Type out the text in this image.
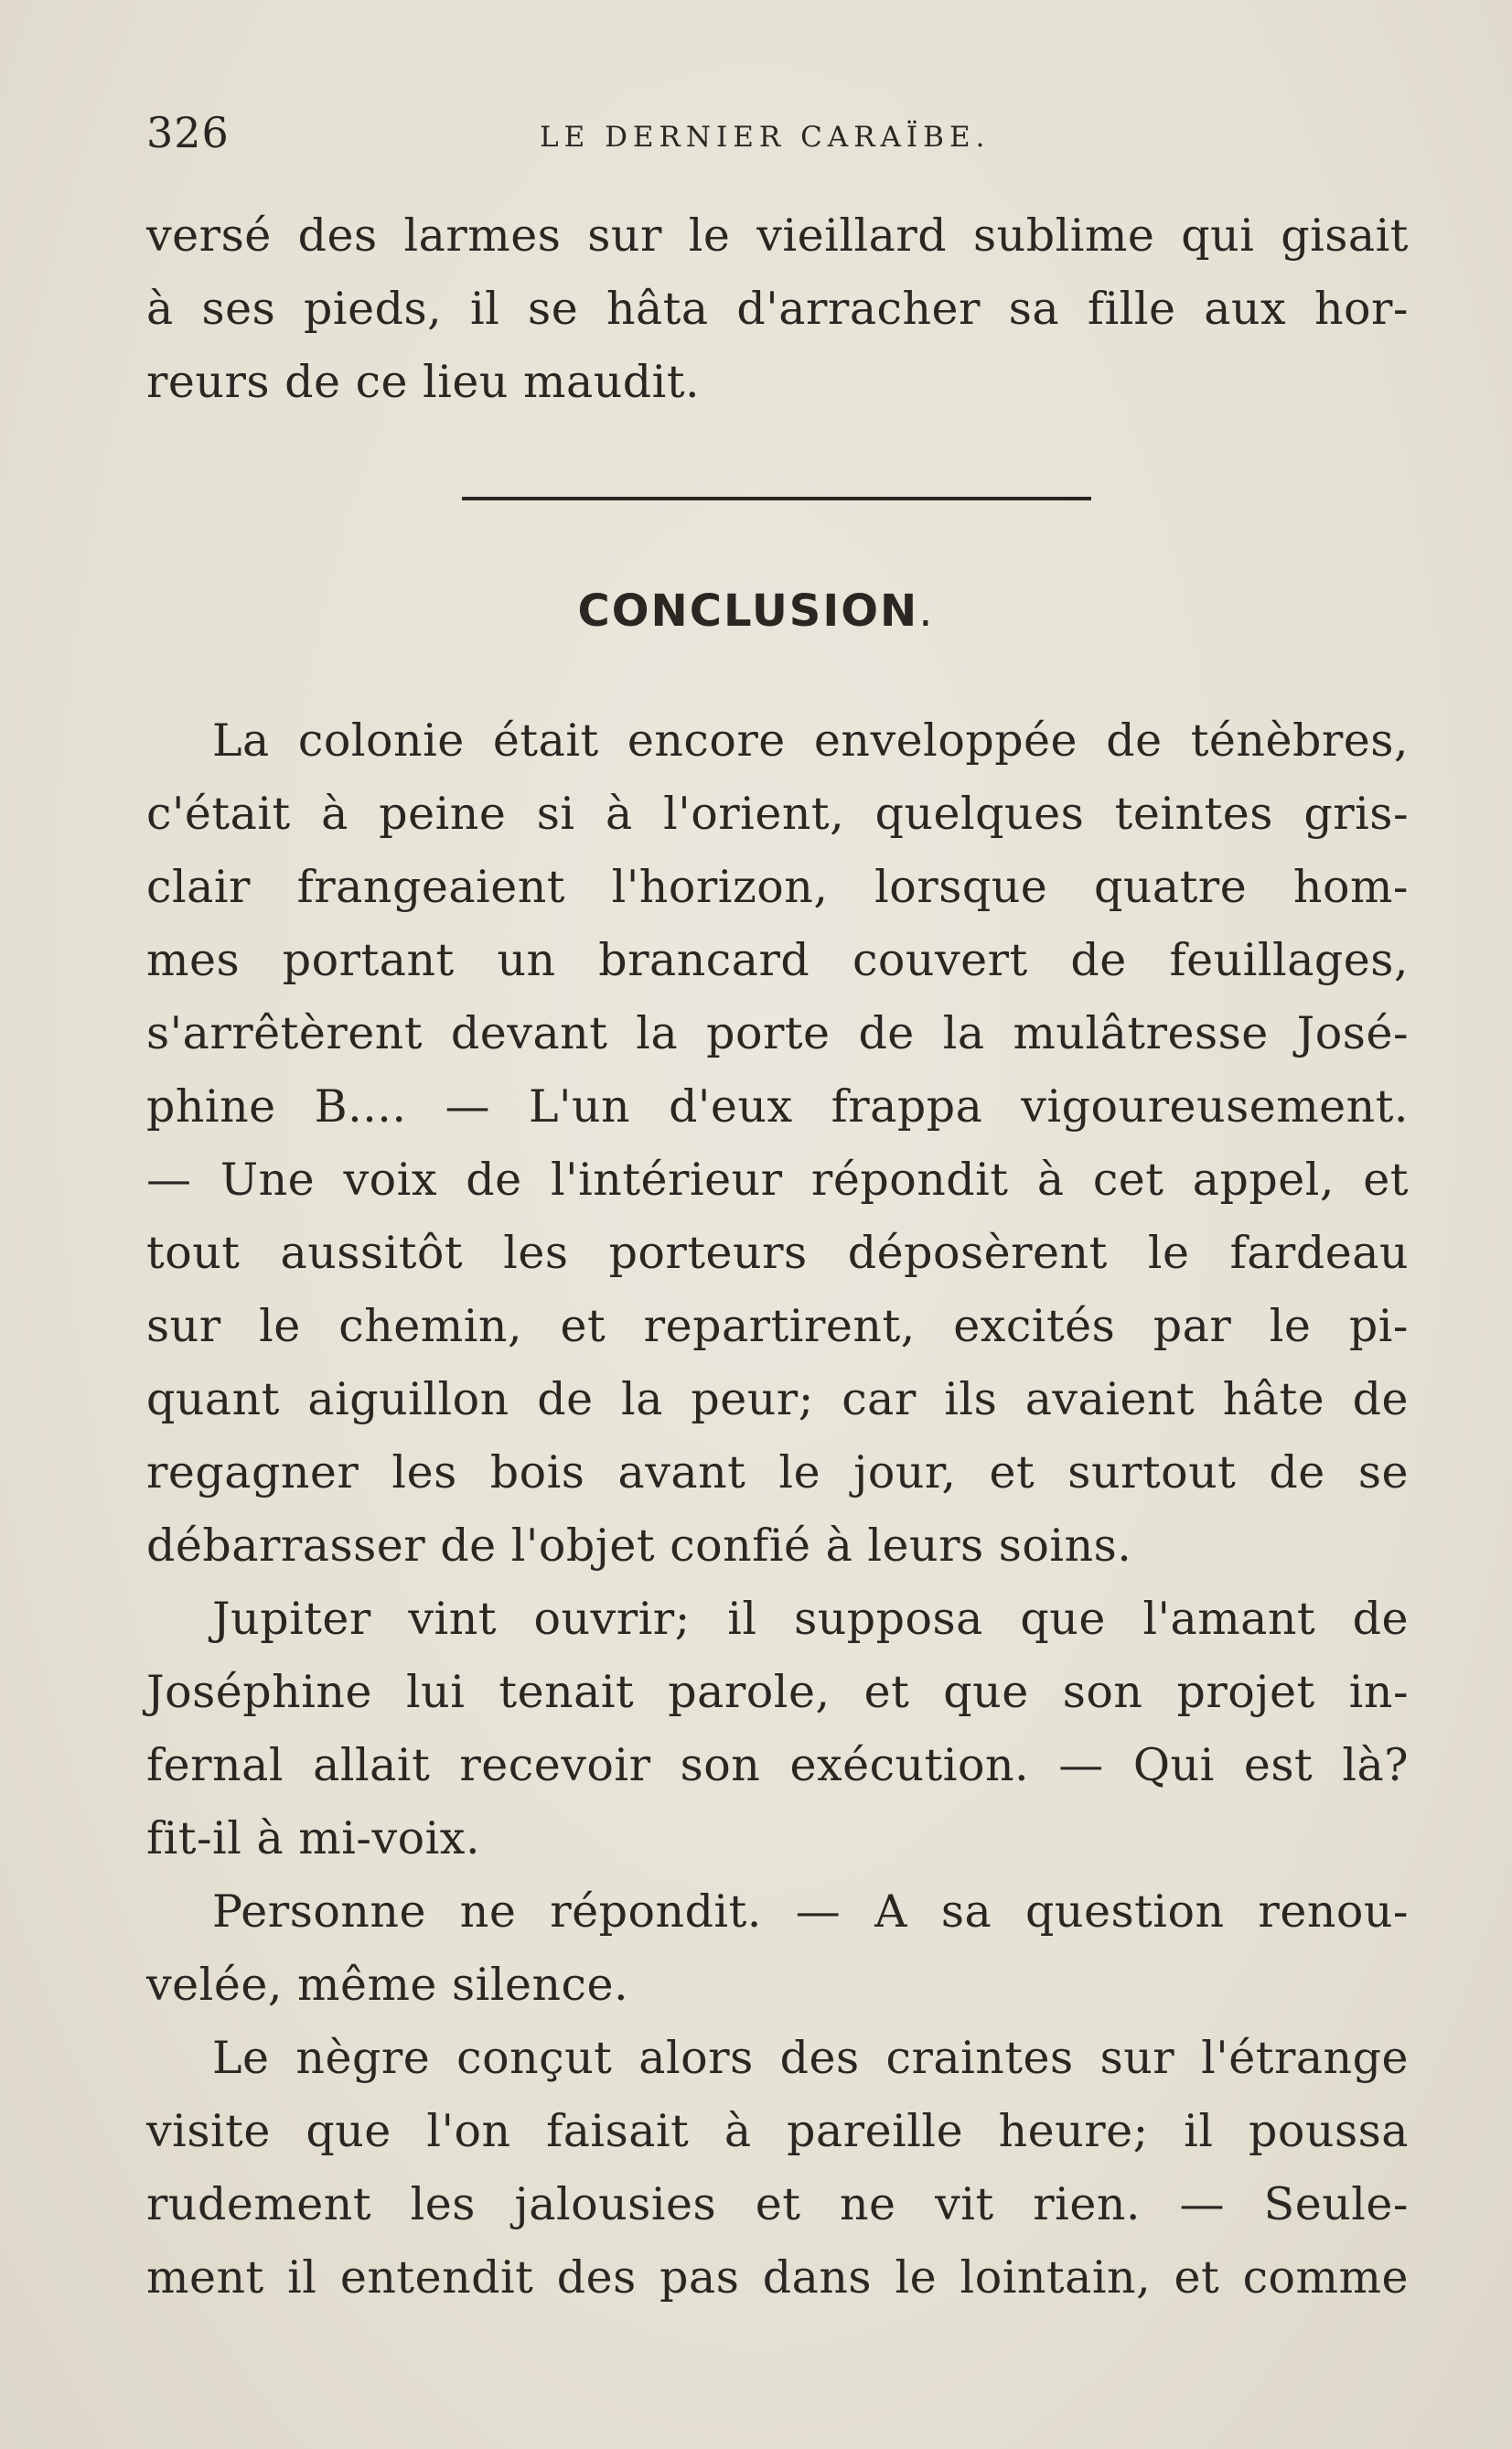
326	LE DERNIER CARAÏBE.
versé des larmes sur le vieillard sublime qui gisait
à ses pieds, il se hâta d'arracher sa fille aux hor-
reurs de ce lieu maudit.
CONCLUSION.
La colonie était encore enveloppée de ténèbres,
c'était à peine si à l'orient, quelques teintes gris-
clair frangeaient l'horizon, lorsque quatre hom-
mes portant un brancard couvert de feuillages,
s'arrêtèrent devant la porte de la mulâtresse José-
phine B.... — L'un d'eux frappa vigoureusement.
— Une voix de l'intérieur répondit à cet appel, et
tout aussitôt les porteurs déposèrent le fardeau
sur le chemin, et repartirent, excités par le pi-
quant aiguillon de la peur; car ils avaient hâte de
regagner les bois avant le jour, et surtout de se
débarrasser de l'objet confié à leurs soins.
Jupiter vint ouvrir; il supposa que l'amant de
Joséphine lui tenait parole, et que son projet in-
fernal allait recevoir son exécution. — Qui est là?
fit-il à mi-voix.
Personne ne répondit. — A sa question renou-
velée, même silence.
Le nègre conçut alors des craintes sur l'étrange
visite que l'on faisait à pareille heure; il poussa
rudement les jalousies et ne vit rien. — Seule-
ment il entendit des pas dans le lointain, et comme
